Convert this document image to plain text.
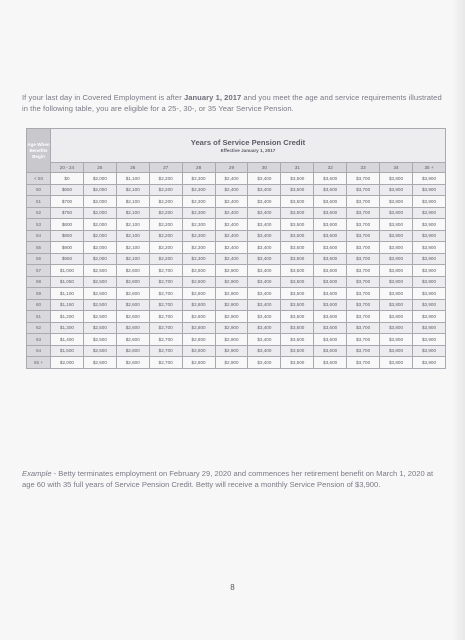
If your last day in Covered Employment is after January 1, 2017 and you meet the age and service requirements illustrated in the following table, you are eligible for a 25-, 30-, or 35 Year Service Pension.
Age When Benefits Begin	Years of Service Pension Credit
Effective January 1, 2017											

	20 - 24	25	26	27	28	29	30	31	32	33	34	35 +
< 50	$0	$2,000	$1,100	$2,200	$2,300	$2,400	$3,400	$3,500	$3,600	$3,700	$3,800	$3,900
50	$650	$2,000	$2,100	$2,200	$2,300	$2,400	$3,400	$3,500	$3,600	$3,700	$3,800	$3,900
51	$700	$2,000	$2,100	$2,200	$2,300	$2,400	$3,400	$3,500	$3,600	$3,700	$3,800	$3,900
52	$750	$2,000	$2,100	$2,200	$2,300	$2,400	$3,400	$3,500	$3,600	$3,700	$3,800	$3,900
53	$800	$2,000	$2,100	$2,200	$2,300	$2,400	$3,400	$3,500	$3,600	$3,700	$3,800	$3,900
54	$850	$2,000	$2,100	$2,200	$2,300	$2,400	$3,400	$3,500	$3,600	$3,700	$3,800	$3,900
55	$900	$2,000	$2,100	$2,200	$2,300	$2,400	$3,400	$3,500	$3,600	$3,700	$3,800	$3,900
56	$950	$2,000	$2,100	$2,200	$2,300	$2,400	$3,400	$3,500	$3,600	$3,700	$3,800	$3,900
57	$1,000	$2,500	$2,600	$2,700	$2,800	$2,900	$3,400	$3,500	$3,600	$3,700	$3,800	$3,900
58	$1,050	$2,500	$2,600	$2,700	$2,800	$2,900	$3,400	$3,500	$3,600	$3,700	$3,800	$3,900
59	$1,100	$2,500	$2,600	$2,700	$2,800	$2,900	$3,400	$3,500	$3,600	$3,700	$3,800	$3,900
60	$1,150	$2,500	$2,600	$2,700	$2,800	$2,900	$3,400	$3,500	$3,600	$3,700	$3,800	$3,900
61	$1,200	$2,500	$2,600	$2,700	$2,800	$2,900	$3,400	$3,500	$3,600	$3,700	$3,800	$3,900
62	$1,300	$2,500	$2,600	$2,700	$2,800	$2,900	$3,400	$3,500	$3,600	$3,700	$3,800	$3,900
63	$1,400	$2,500	$2,600	$2,700	$2,800	$2,900	$3,400	$3,500	$3,600	$3,700	$3,800	$3,900
64	$1,500	$2,500	$2,600	$2,700	$2,800	$2,900	$3,400	$3,500	$3,600	$3,700	$3,800	$3,900
65 +	$2,000	$2,500	$2,600	$2,700	$2,800	$2,900	$3,400	$3,500	$3,600	$3,700	$3,800	$3,900
Example - Betty terminates employment on February 29, 2020 and commences her retirement benefit on March 1, 2020 at age 60 with 35 full years of Service Pension Credit. Betty will receive a monthly Service Pension of $3,900.
8
